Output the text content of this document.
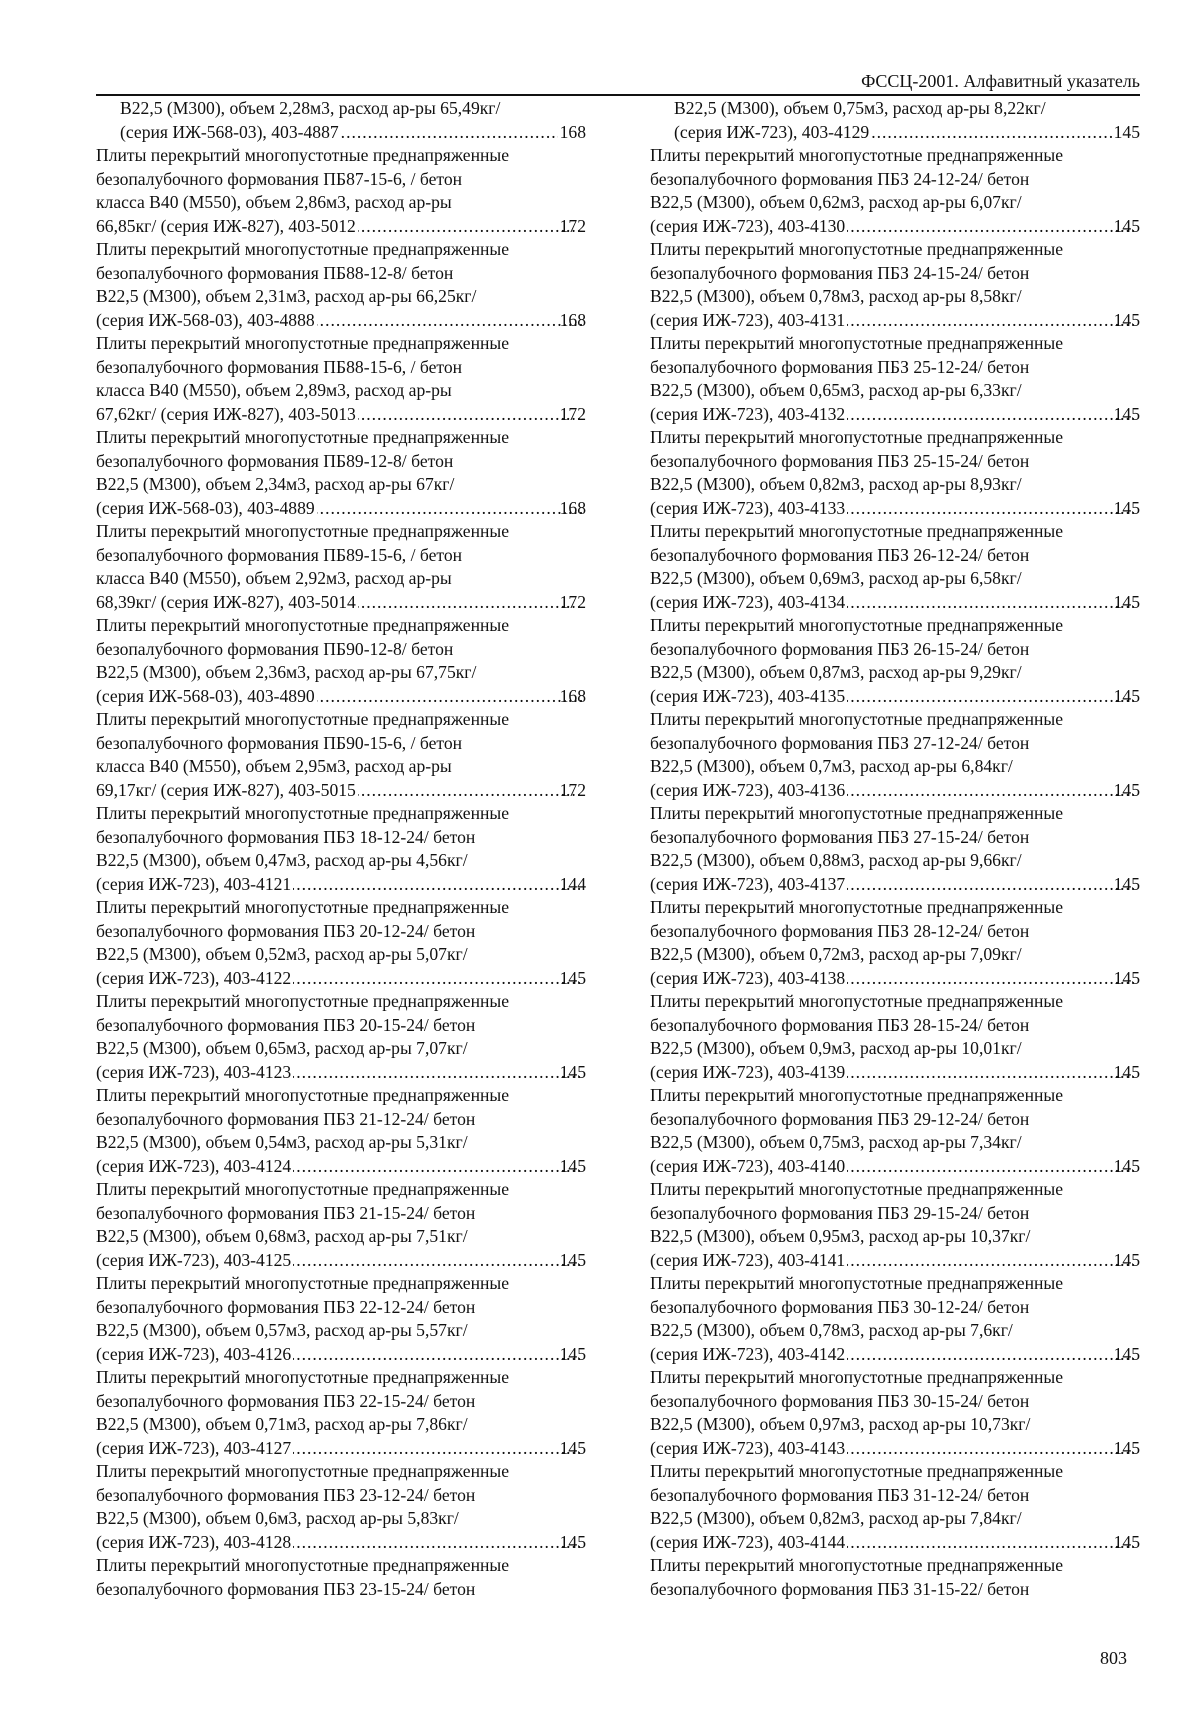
ФССЦ-2001. Алфавитный указатель
В22,5 (М300), объем 2,28м3, расход ар-ры 65,49кг/
(серия ИЖ-568-03), 403-4887 .....	168
Плиты перекрытий многопустотные преднапряженные
безопалубочного формования ПБ87-15-6, / бетон
класса В40 (М550), объем 2,86м3, расход ар-ры
66,85кг/ (серия ИЖ-827), 403-5012 .....	172
Плиты перекрытий многопустотные преднапряженные
безопалубочного формования ПБ88-12-8/ бетон
В22,5 (М300), объем 2,31м3, расход ар-ры 66,25кг/
(серия ИЖ-568-03), 403-4888 .....	168
Плиты перекрытий многопустотные преднапряженные
безопалубочного формования ПБ88-15-6, / бетон
класса В40 (М550), объем 2,89м3, расход ар-ры
67,62кг/ (серия ИЖ-827), 403-5013 .....	172
Плиты перекрытий многопустотные преднапряженные
безопалубочного формования ПБ89-12-8/ бетон
В22,5 (М300), объем 2,34м3, расход ар-ры 67кг/
(серия ИЖ-568-03), 403-4889 .....	168
Плиты перекрытий многопустотные преднапряженные
безопалубочного формования ПБ89-15-6, / бетон
класса В40 (М550), объем 2,92м3, расход ар-ры
68,39кг/ (серия ИЖ-827), 403-5014 .....	172
Плиты перекрытий многопустотные преднапряженные
безопалубочного формования ПБ90-12-8/ бетон
В22,5 (М300), объем 2,36м3, расход ар-ры 67,75кг/
(серия ИЖ-568-03), 403-4890 .....	168
Плиты перекрытий многопустотные преднапряженные
безопалубочного формования ПБ90-15-6, / бетон
класса В40 (М550), объем 2,95м3, расход ар-ры
69,17кг/ (серия ИЖ-827), 403-5015 .....	172
Плиты перекрытий многопустотные преднапряженные
безопалубочного формования ПБЗ 18-12-24/ бетон
В22,5 (М300), объем 0,47м3, расход ар-ры 4,56кг/
(серия ИЖ-723), 403-4121 .....	144
Плиты перекрытий многопустотные преднапряженные
безопалубочного формования ПБЗ 20-12-24/ бетон
В22,5 (М300), объем 0,52м3, расход ар-ры 5,07кг/
(серия ИЖ-723), 403-4122 .....	145
Плиты перекрытий многопустотные преднапряженные
безопалубочного формования ПБЗ 20-15-24/ бетон
В22,5 (М300), объем 0,65м3, расход ар-ры 7,07кг/
(серия ИЖ-723), 403-4123 .....	145
Плиты перекрытий многопустотные преднапряженные
безопалубочного формования ПБЗ 21-12-24/ бетон
В22,5 (М300), объем 0,54м3, расход ар-ры 5,31кг/
(серия ИЖ-723), 403-4124 .....	145
Плиты перекрытий многопустотные преднапряженные
безопалубочного формования ПБЗ 21-15-24/ бетон
В22,5 (М300), объем 0,68м3, расход ар-ры 7,51кг/
(серия ИЖ-723), 403-4125 .....	145
Плиты перекрытий многопустотные преднапряженные
безопалубочного формования ПБЗ 22-12-24/ бетон
В22,5 (М300), объем 0,57м3, расход ар-ры 5,57кг/
(серия ИЖ-723), 403-4126 .....	145
Плиты перекрытий многопустотные преднапряженные
безопалубочного формования ПБЗ 22-15-24/ бетон
В22,5 (М300), объем 0,71м3, расход ар-ры 7,86кг/
(серия ИЖ-723), 403-4127 .....	145
Плиты перекрытий многопустотные преднапряженные
безопалубочного формования ПБЗ 23-12-24/ бетон
В22,5 (М300), объем 0,6м3, расход ар-ры 5,83кг/
(серия ИЖ-723), 403-4128 .....	145
Плиты перекрытий многопустотные преднапряженные
безопалубочного формования ПБЗ 23-15-24/ бетон
В22,5 (М300), объем 0,75м3, расход ар-ры 8,22кг/
(серия ИЖ-723), 403-4129 .....	145
Плиты перекрытий многопустотные преднапряженные
безопалубочного формования ПБЗ 24-12-24/ бетон
В22,5 (М300), объем 0,62м3, расход ар-ры 6,07кг/
(серия ИЖ-723), 403-4130 .....	145
Плиты перекрытий многопустотные преднапряженные
безопалубочного формования ПБЗ 24-15-24/ бетон
В22,5 (М300), объем 0,78м3, расход ар-ры 8,58кг/
(серия ИЖ-723), 403-4131 .....	145
Плиты перекрытий многопустотные преднапряженные
безопалубочного формования ПБЗ 25-12-24/ бетон
В22,5 (М300), объем 0,65м3, расход ар-ры 6,33кг/
(серия ИЖ-723), 403-4132 .....	145
Плиты перекрытий многопустотные преднапряженные
безопалубочного формования ПБЗ 25-15-24/ бетон
В22,5 (М300), объем 0,82м3, расход ар-ры 8,93кг/
(серия ИЖ-723), 403-4133 .....	145
Плиты перекрытий многопустотные преднапряженные
безопалубочного формования ПБЗ 26-12-24/ бетон
В22,5 (М300), объем 0,69м3, расход ар-ры 6,58кг/
(серия ИЖ-723), 403-4134 .....	145
Плиты перекрытий многопустотные преднапряженные
безопалубочного формования ПБЗ 26-15-24/ бетон
В22,5 (М300), объем 0,87м3, расход ар-ры 9,29кг/
(серия ИЖ-723), 403-4135 .....	145
Плиты перекрытий многопустотные преднапряженные
безопалубочного формования ПБЗ 27-12-24/ бетон
В22,5 (М300), объем 0,7м3, расход ар-ры 6,84кг/
(серия ИЖ-723), 403-4136 .....	145
Плиты перекрытий многопустотные преднапряженные
безопалубочного формования ПБЗ 27-15-24/ бетон
В22,5 (М300), объем 0,88м3, расход ар-ры 9,66кг/
(серия ИЖ-723), 403-4137 .....	145
Плиты перекрытий многопустотные преднапряженные
безопалубочного формования ПБЗ 28-12-24/ бетон
В22,5 (М300), объем 0,72м3, расход ар-ры 7,09кг/
(серия ИЖ-723), 403-4138 .....	145
Плиты перекрытий многопустотные преднапряженные
безопалубочного формования ПБЗ 28-15-24/ бетон
В22,5 (М300), объем 0,9м3, расход ар-ры 10,01кг/
(серия ИЖ-723), 403-4139 .....	145
Плиты перекрытий многопустотные преднапряженные
безопалубочного формования ПБЗ 29-12-24/ бетон
В22,5 (М300), объем 0,75м3, расход ар-ры 7,34кг/
(серия ИЖ-723), 403-4140 .....	145
Плиты перекрытий многопустотные преднапряженные
безопалубочного формования ПБЗ 29-15-24/ бетон
В22,5 (М300), объем 0,95м3, расход ар-ры 10,37кг/
(серия ИЖ-723), 403-4141 .....	145
Плиты перекрытий многопустотные преднапряженные
безопалубочного формования ПБЗ 30-12-24/ бетон
В22,5 (М300), объем 0,78м3, расход ар-ры 7,6кг/
(серия ИЖ-723), 403-4142 .....	145
Плиты перекрытий многопустотные преднапряженные
безопалубочного формования ПБЗ 30-15-24/ бетон
В22,5 (М300), объем 0,97м3, расход ар-ры 10,73кг/
(серия ИЖ-723), 403-4143 .....	145
Плиты перекрытий многопустотные преднапряженные
безопалубочного формования ПБЗ 31-12-24/ бетон
В22,5 (М300), объем 0,82м3, расход ар-ры 7,84кг/
(серия ИЖ-723), 403-4144 .....	145
Плиты перекрытий многопустотные преднапряженные
безопалубочного формования ПБЗ 31-15-22/ бетон
803
